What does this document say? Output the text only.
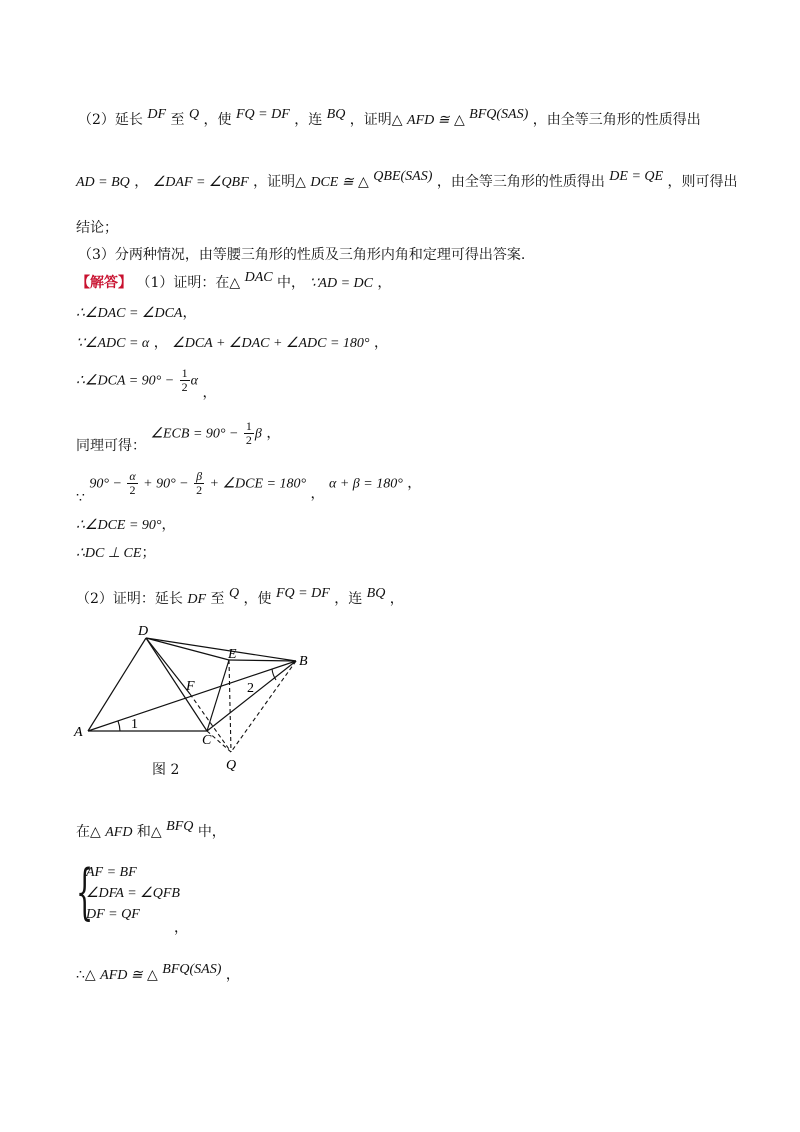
（2）延长 DF 至 Q ，使 FQ = DF ，连 BQ ，证明△ AFD ≅ △ BFQ(SAS) ，由全等三角形的性质得出
AD = BQ ， ∠DAF = ∠QBF ，证明△ DCE ≅ △ QBE(SAS) ，由全等三角形的性质得出 DE = QE ，则可得出
结论；
（3）分两种情况，由等腰三角形的性质及三角形内角和定理可得出答案.
【解答】 （1）证明：在△ DAC 中， ∵AD = DC ，
∴∠DAC = ∠DCA，
∵∠ADC = α ， ∠DCA + ∠DAC + ∠ADC = 180° ，
∴∠DCA = $90^\circ - \frac{1}{2}$ α ，
同理可得： ∠ECB = $90^\circ - \frac{1}{2}$ β ，
∵ $90^\circ - \frac{\alpha}{2} + 90^\circ - \frac{\beta}{2}$ + ∠DCE = 180° ， α + β = 180° ，
∴∠DCE = 90°，
∴DC ⊥ CE；
（2）证明：延长 DF 至 Q ，使 FQ = DF ，连 BQ ，
D
E	B
F
A
C
Q
1
2
图 2
在△ AFD 和△ BFQ 中，
{
AF = BF
∠DFA = ∠QFB
DF = QF
，
∴△ AFD ≅ △ BFQ(SAS) ，
